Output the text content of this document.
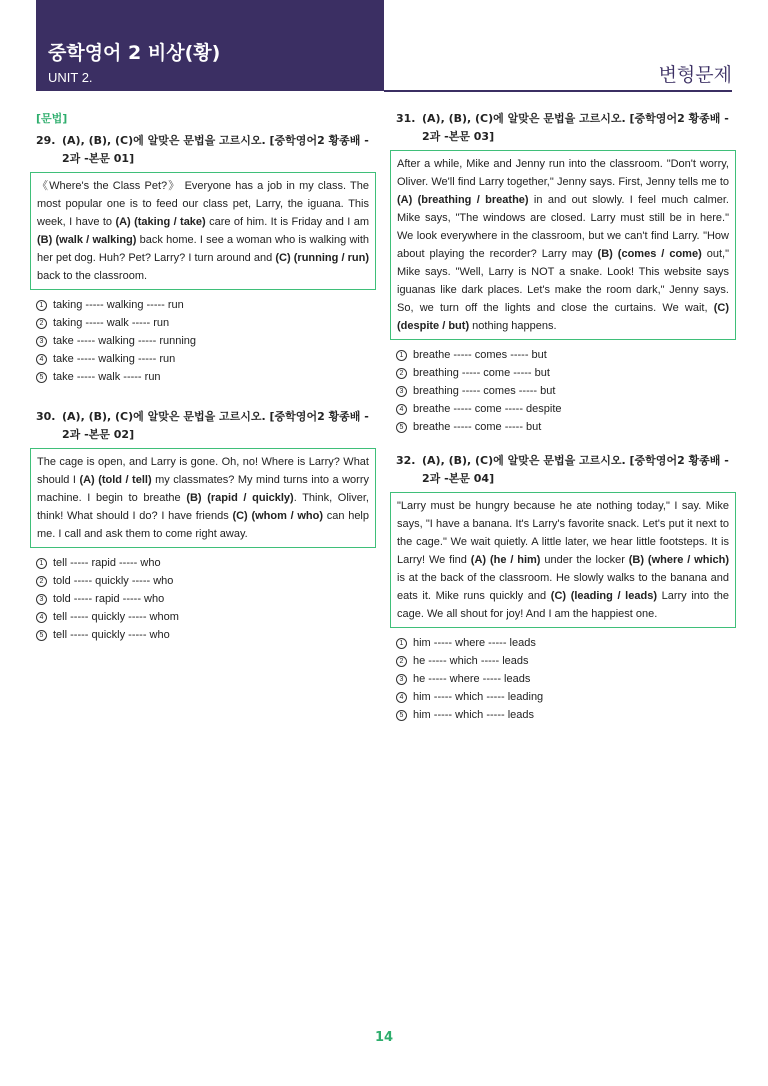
중학영어 2 비상(황)
UNIT 2.	변형문제
[문법]
29. (A), (B), (C)에 알맞은 문법을 고르시오. [중학영어2 황종배 - 2과 -본문 01]
《Where's the Class Pet?》 Everyone has a job in my class. The most popular one is to feed our class pet, Larry, the iguana. This week, I have to (A) (taking / take) care of him. It is Friday and I am (B) (walk / walking) back home. I see a woman who is walking with her pet dog. Huh? Pet? Larry? I turn around and (C) (running / run) back to the classroom.
1 taking ----- walking ----- run
2 taking ----- walk ----- run
3 take ----- walking ----- running
4 take ----- walking ----- run
5 take ----- walk ----- run
30. (A), (B), (C)에 알맞은 문법을 고르시오. [중학영어2 황종배 - 2과 -본문 02]
The cage is open, and Larry is gone. Oh, no! Where is Larry? What should I (A) (told / tell) my classmates? My mind turns into a worry machine. I begin to breathe (B) (rapid / quickly). Think, Oliver, think! What should I do? I have friends (C) (whom / who) can help me. I call and ask them to come right away.
1 tell ----- rapid ----- who
2 told ----- quickly ----- who
3 told ----- rapid ----- who
4 tell ----- quickly ----- whom
5 tell ----- quickly ----- who
31. (A), (B), (C)에 알맞은 문법을 고르시오. [중학영어2 황종배 - 2과 -본문 03]
After a while, Mike and Jenny run into the classroom. "Don't worry, Oliver. We'll find Larry together," Jenny says. First, Jenny tells me to (A) (breathing / breathe) in and out slowly. I feel much calmer. Mike says, "The windows are closed. Larry must still be in here." We look everywhere in the classroom, but we can't find Larry. "How about playing the recorder? Larry may (B) (comes / come) out," Mike says. "Well, Larry is NOT a snake. Look! This website says iguanas like dark places. Let's make the room dark," Jenny says. So, we turn off the lights and close the curtains. We wait, (C) (despite / but) nothing happens.
1 breathe ----- comes ----- but
2 breathing ----- come ----- but
3 breathing ----- comes ----- but
4 breathe ----- come ----- despite
5 breathe ----- come ----- but
32. (A), (B), (C)에 알맞은 문법을 고르시오. [중학영어2 황종배 - 2과 -본문 04]
"Larry must be hungry because he ate nothing today," I say. Mike says, "I have a banana. It's Larry's favorite snack. Let's put it next to the cage." We wait quietly. A little later, we hear little footsteps. It is Larry! We find (A) (he / him) under the locker (B) (where / which) is at the back of the classroom. He slowly walks to the banana and eats it. Mike runs quickly and (C) (leading / leads) Larry into the cage. We all shout for joy! And I am the happiest one.
1 him ----- where ----- leads
2 he ----- which ----- leads
3 he ----- where ----- leads
4 him ----- which ----- leading
5 him ----- which ----- leads
14
